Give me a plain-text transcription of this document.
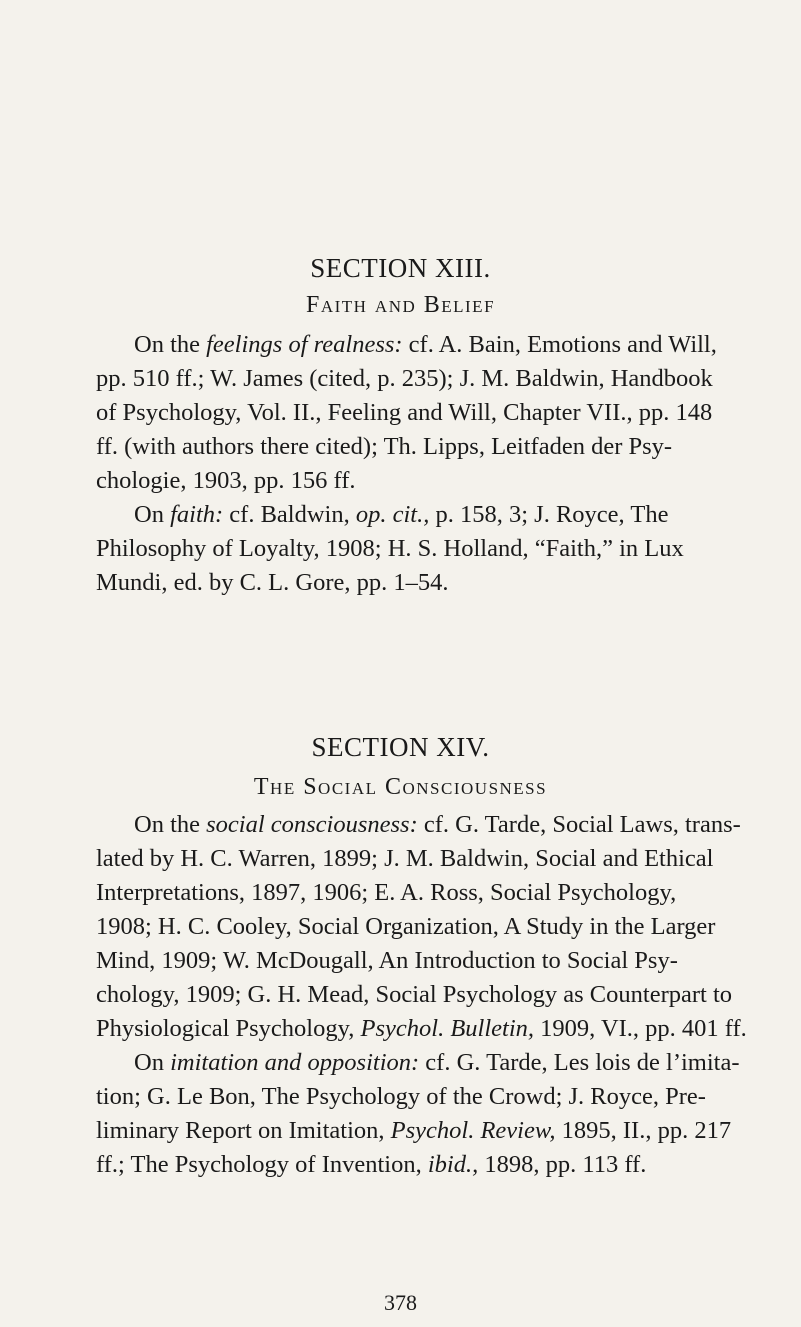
SECTION XIII.
Faith and Belief
On the feelings of realness: cf. A. Bain, Emotions and Will,
pp. 510 ff.; W. James (cited, p. 235); J. M. Baldwin, Handbook
of Psychology, Vol. II., Feeling and Will, Chapter VII., pp. 148
ff. (with authors there cited); Th. Lipps, Leitfaden der Psy-
chologie, 1903, pp. 156 ff.
On faith: cf. Baldwin, op. cit., p. 158, 3; J. Royce, The
Philosophy of Loyalty, 1908; H. S. Holland, “Faith,” in Lux
Mundi, ed. by C. L. Gore, pp. 1–54.
SECTION XIV.
The Social Consciousness
On the social consciousness: cf. G. Tarde, Social Laws, trans-
lated by H. C. Warren, 1899; J. M. Baldwin, Social and Ethical
Interpretations, 1897, 1906; E. A. Ross, Social Psychology,
1908; H. C. Cooley, Social Organization, A Study in the Larger
Mind, 1909; W. McDougall, An Introduction to Social Psy-
chology, 1909; G. H. Mead, Social Psychology as Counterpart to
Physiological Psychology, Psychol. Bulletin, 1909, VI., pp. 401 ff.
On imitation and opposition: cf. G. Tarde, Les lois de l’imita-
tion; G. Le Bon, The Psychology of the Crowd; J. Royce, Pre-
liminary Report on Imitation, Psychol. Review, 1895, II., pp. 217
ff.; The Psychology of Invention, ibid., 1898, pp. 113 ff.

378
